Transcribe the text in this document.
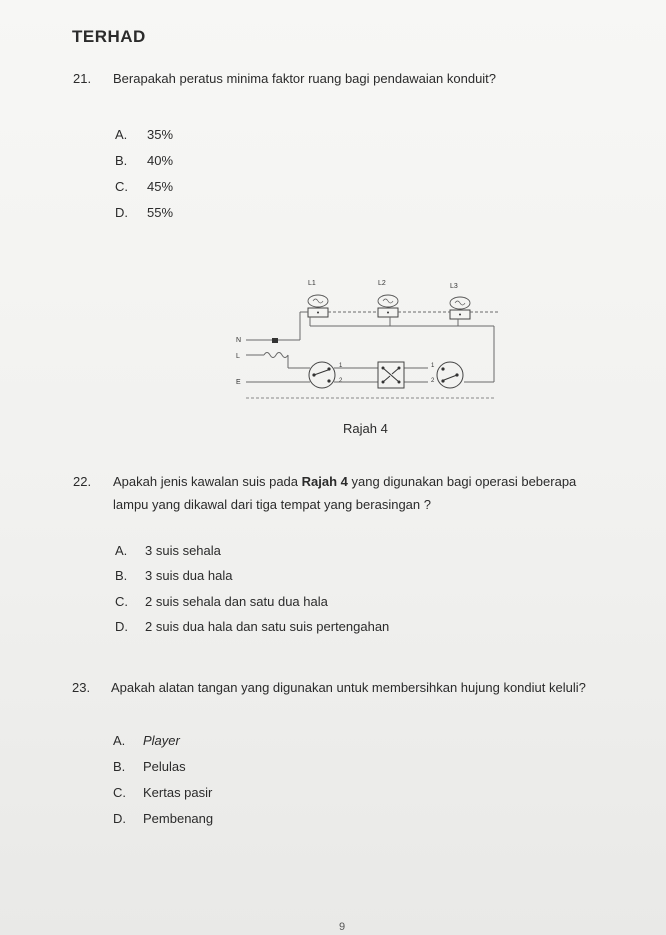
TERHAD
21. Berapakah peratus minima faktor ruang bagi pendawaian konduit?
A. 35%
B. 40%
C. 45%
D. 55%
L1	L2	L3
N
L
E
1
2
1
2
Rajah 4
22. Apakah jenis kawalan suis pada Rajah 4 yang digunakan bagi operasi beberapa
lampu yang dikawal dari tiga tempat yang berasingan ?
A. 3 suis sehala
B. 3 suis dua hala
C. 2 suis sehala dan satu dua hala
D. 2 suis dua hala dan satu suis pertengahan
23. Apakah alatan tangan yang digunakan untuk membersihkan hujung kondiut keluli?
A. Player
B. Pelulas
C. Kertas pasir
D. Pembenang
9
